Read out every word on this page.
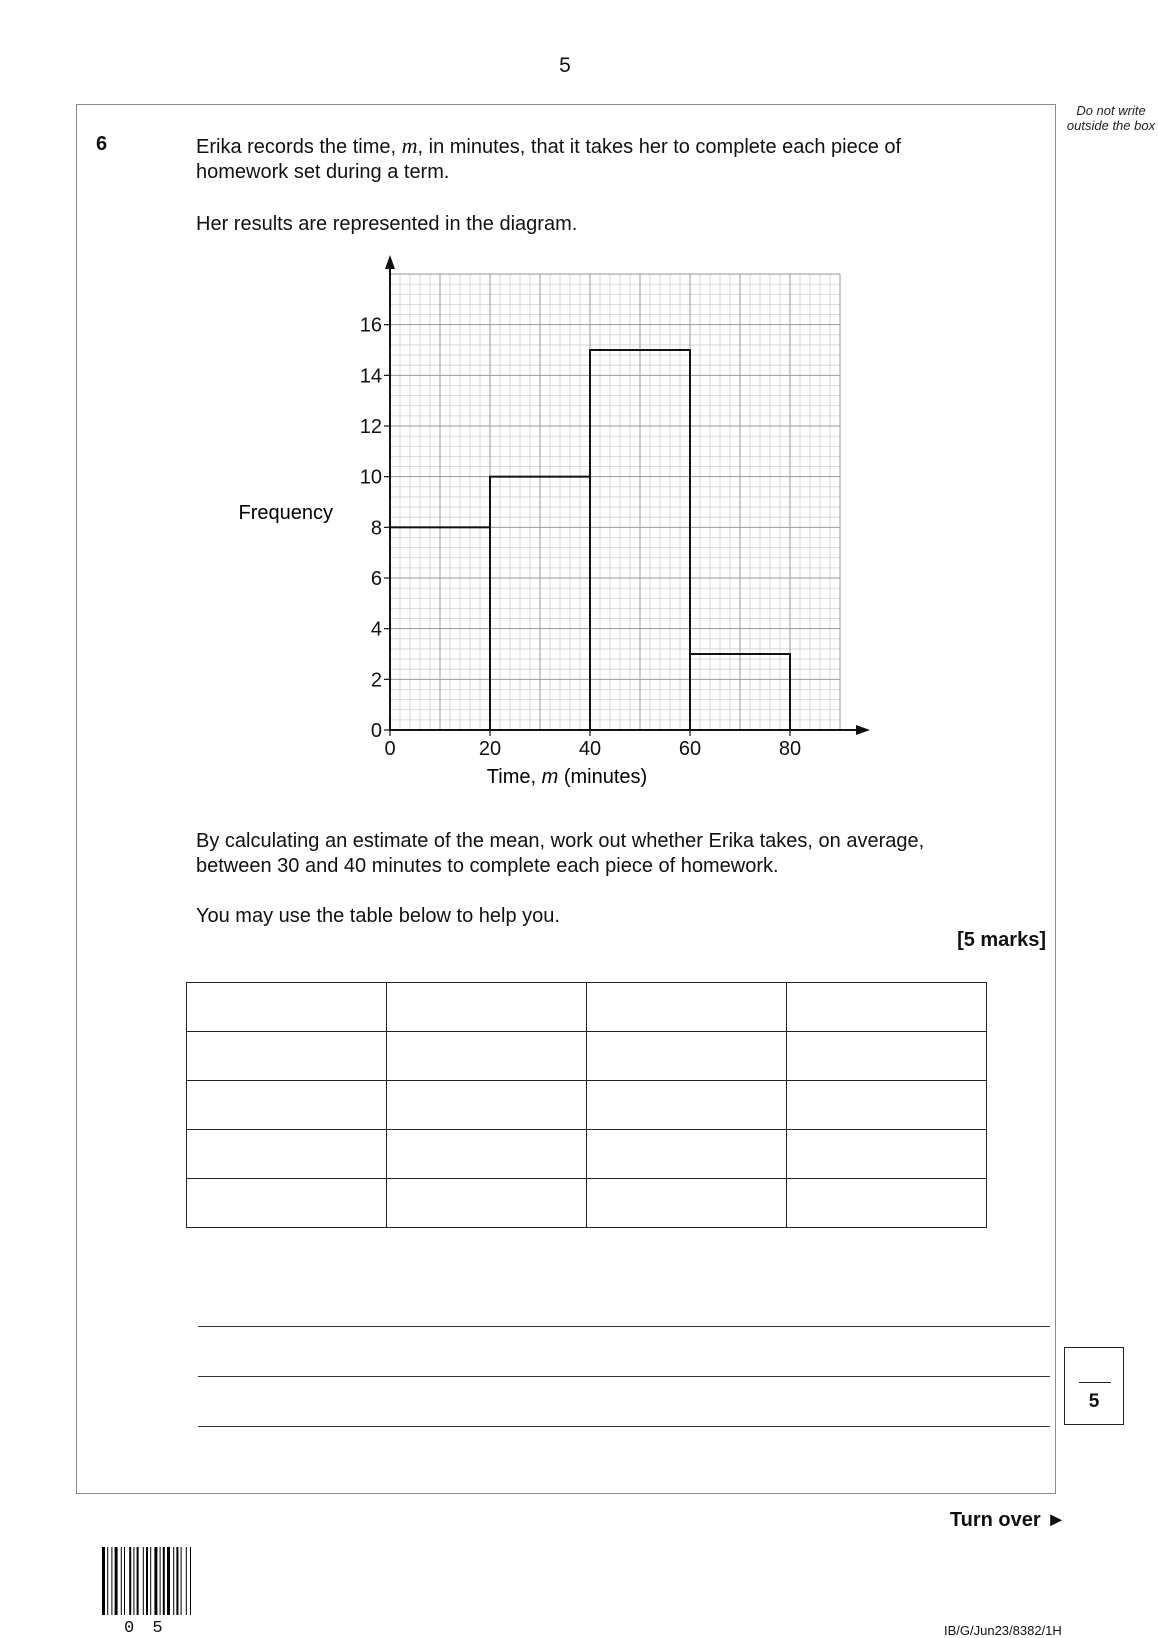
5
Do not write outside the box
6	Erika records the time, m, in minutes, that it takes her to complete each piece of homework set during a term.
Her results are represented in the diagram.
0
2
4
6
8
10
12
14
16
0	20	40	60	80
Frequency
Time, m (minutes)
By calculating an estimate of the mean, work out whether Erika takes, on average, between 30 and 40 minutes to complete each piece of homework.
You may use the table below to help you.
[5 marks]

5
Turn over ►
0 5	IB/G/Jun23/8382/1H
